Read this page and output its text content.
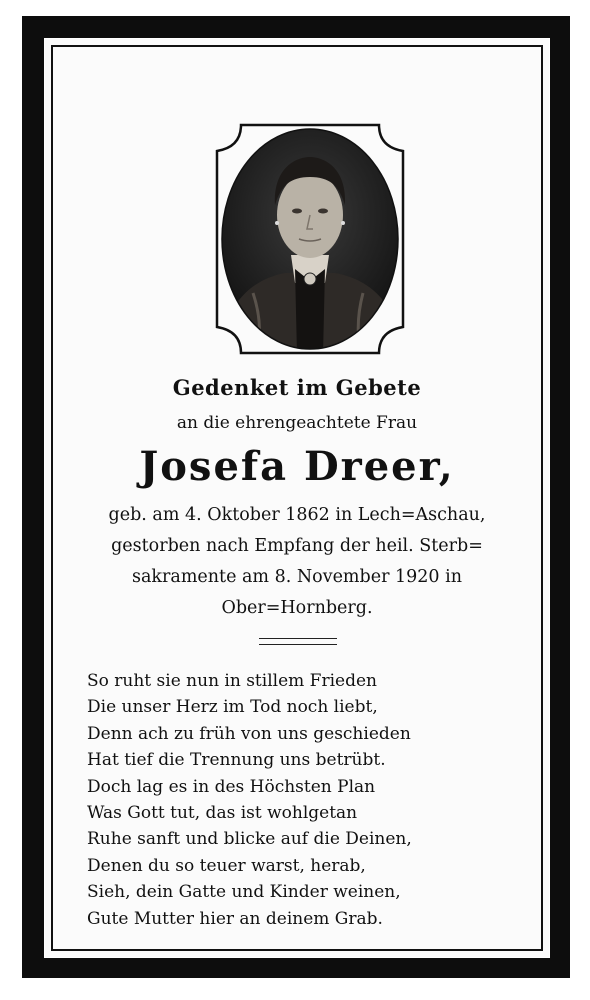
Gedenket im Gebete
an die ehrengeachtete Frau
Josefa Dreer,
geb. am 4. Oktober 1862 in Lech=Aschau,
gestorben nach Empfang der heil. Sterb=
sakramente am 8. November 1920 in
Ober=Hornberg.
So ruht sie nun in stillem Frieden
Die unser Herz im Tod noch liebt,
Denn ach zu früh von uns geschieden
Hat tief die Trennung uns betrübt.
Doch lag es in des Höchsten Plan
Was Gott tut, das ist wohlgetan
Ruhe sanft und blicke auf die Deinen,
Denen du so teuer warst, herab,
Sieh, dein Gatte und Kinder weinen,
Gute Mutter hier an deinem Grab.
